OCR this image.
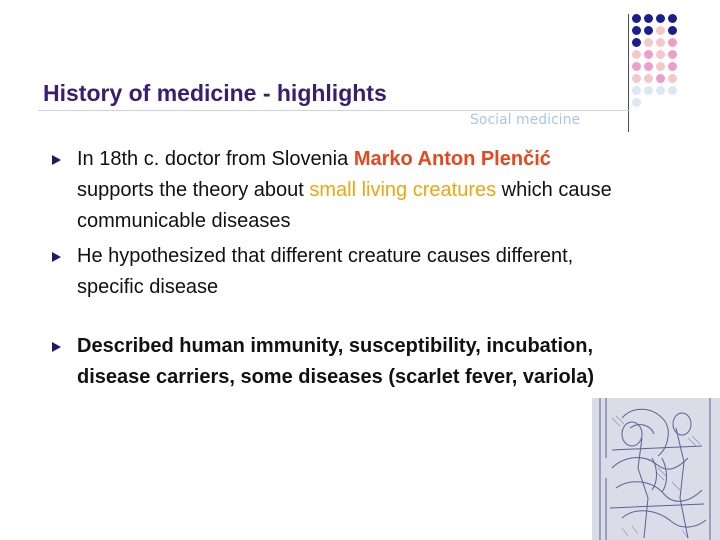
History of medicine - highlights
Social medicine
In 18th c. doctor from Slovenia Marko Anton Plenčić supports the theory about small living creatures which cause communicable diseases
He hypothesized that different creature causes different, specific disease
Described human immunity, susceptibility, incubation, disease carriers, some diseases (scarlet fever, variola)
